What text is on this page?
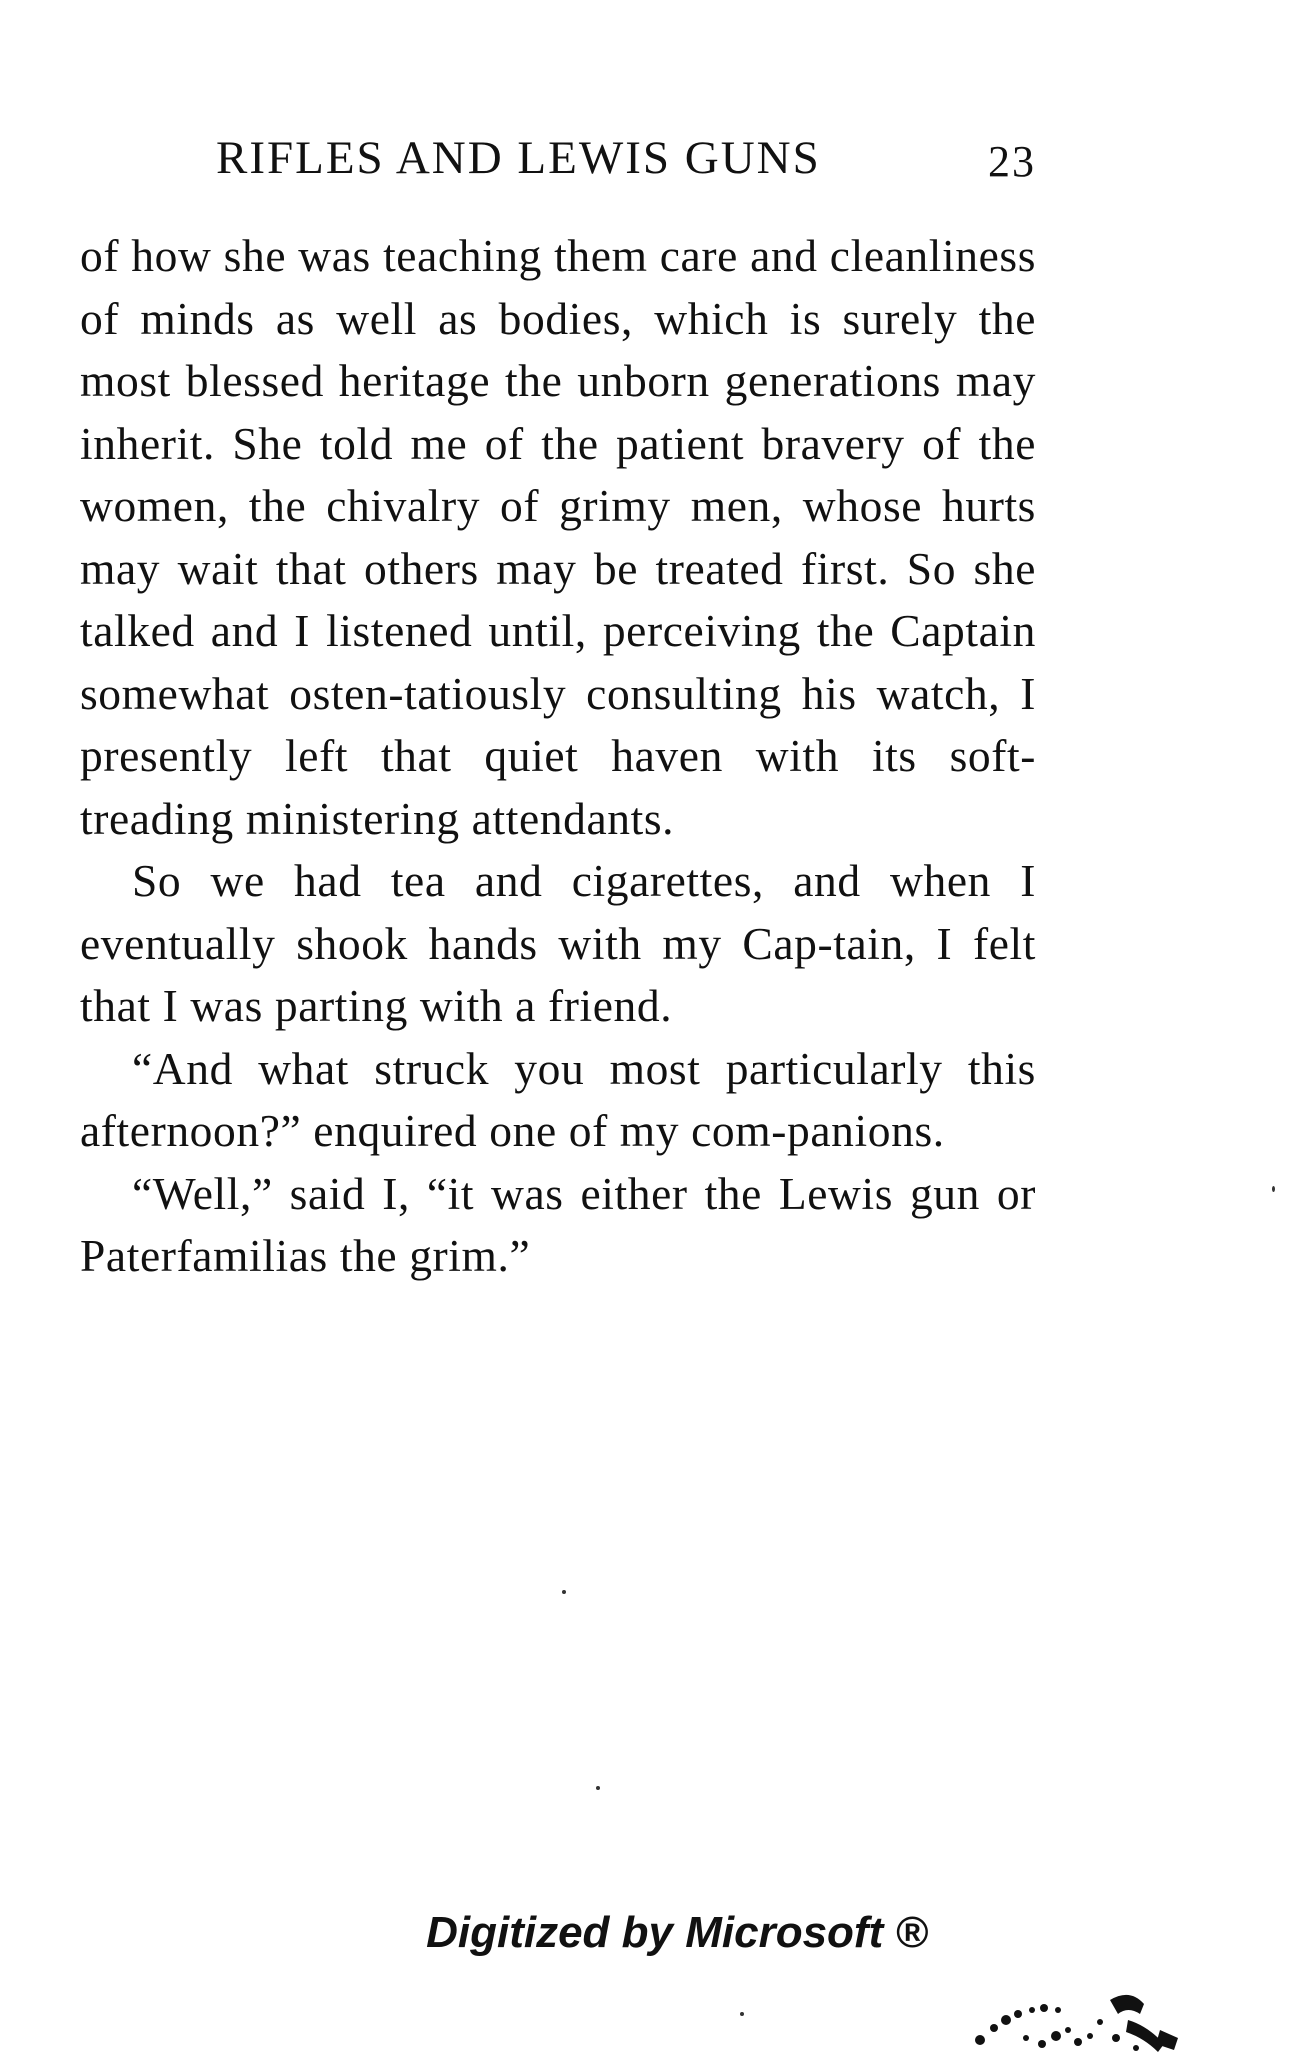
RIFLES AND LEWIS GUNS	23

of how she was teaching them care and cleanliness of minds as well as bodies, which is surely the most blessed heritage the unborn generations may inherit. She told me of the patient bravery of the women, the chivalry of grimy men, whose hurts may wait that others may be treated first. So she talked and I listened until, perceiving the Captain somewhat osten-tatiously consulting his watch, I presently left that quiet haven with its soft-treading ministering attendants.

So we had tea and cigarettes, and when I eventually shook hands with my Cap-tain, I felt that I was parting with a friend.

“And what struck you most particularly this afternoon?” enquired one of my com-panions.

“Well,” said I, “it was either the Lewis gun or Paterfamilias the grim.”

Digitized by Microsoft ®
